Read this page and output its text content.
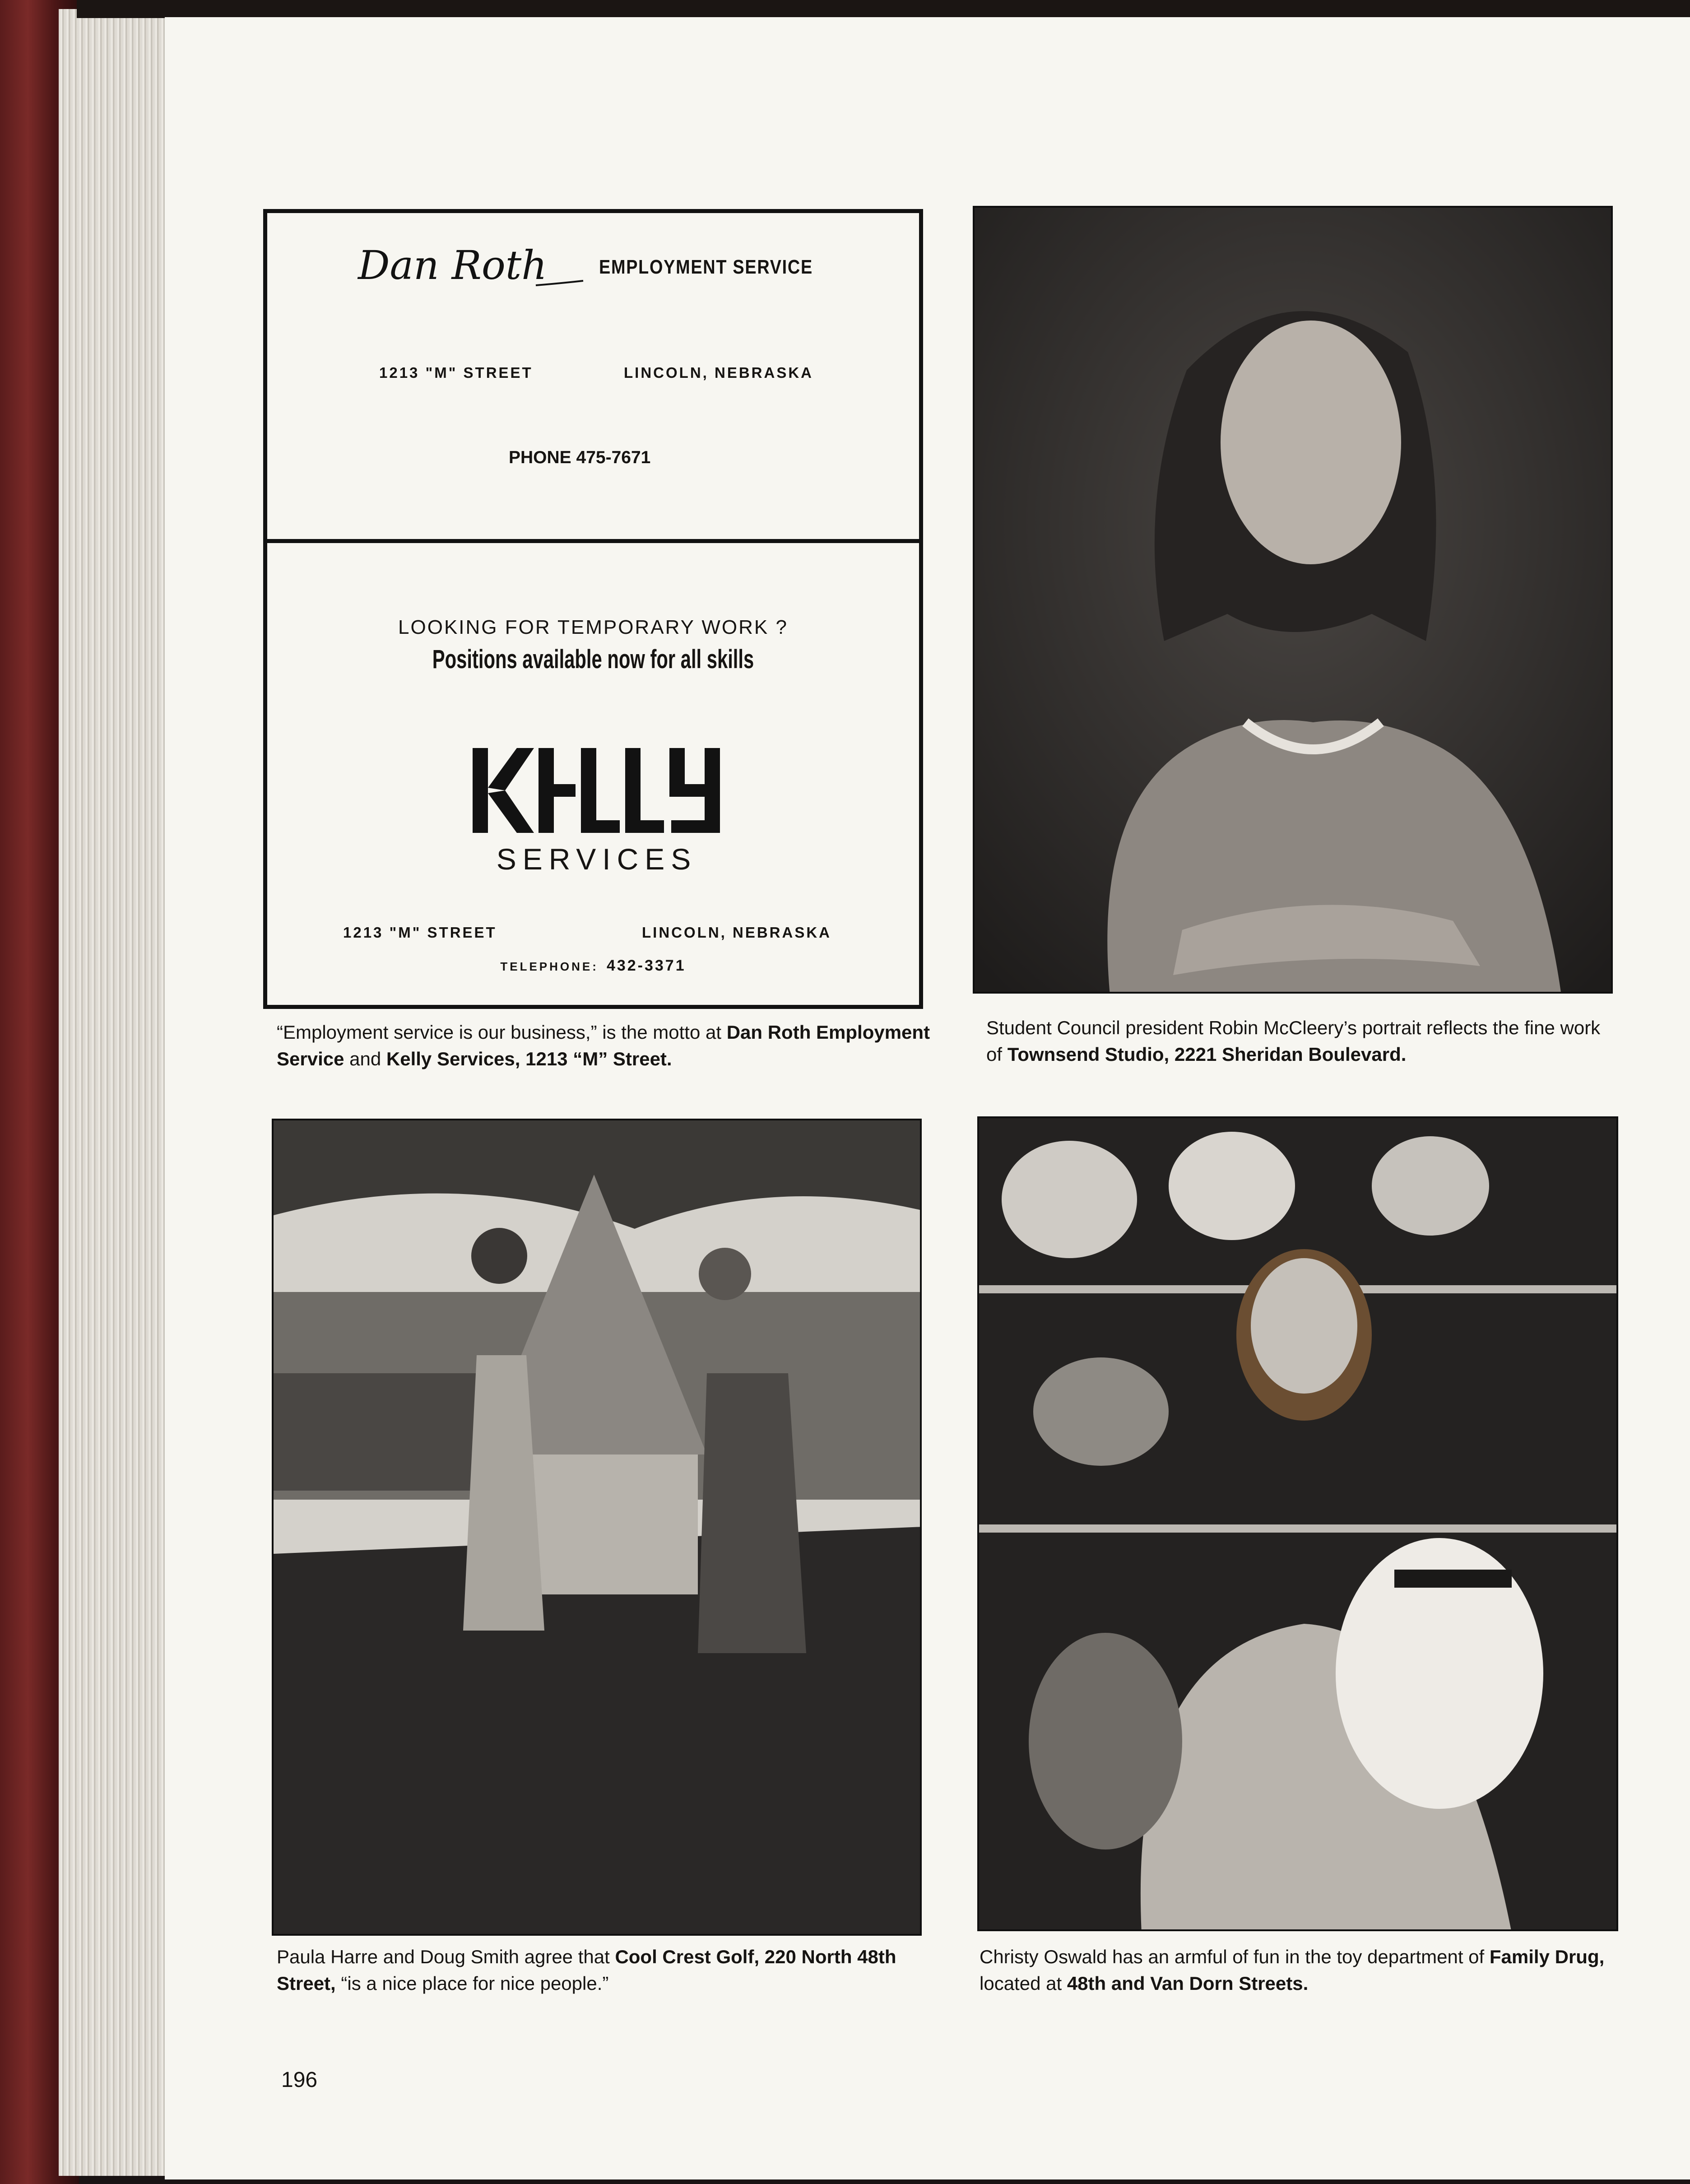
Dan Roth	EMPLOYMENT SERVICE
1213 "M" STREET	LINCOLN, NEBRASKA
PHONE 475-7671
LOOKING FOR TEMPORARY WORK ?
Positions available now for all skills
SERVICES
1213 "M" STREET	LINCOLN, NEBRASKA
TELEPHONE: 432-3371
“Employment service is our business,” is the motto at Dan Roth Employment Service and Kelly Services, 1213 “M” Street.
Student Council president Robin McCleery’s portrait reflects the fine work of Townsend Studio, 2221 Sheridan Boulevard.
Paula Harre and Doug Smith agree that Cool Crest Golf, 220 North 48th Street, “is a nice place for nice people.”
Christy Oswald has an armful of fun in the toy department of Family Drug, located at 48th and Van Dorn Streets.
196
